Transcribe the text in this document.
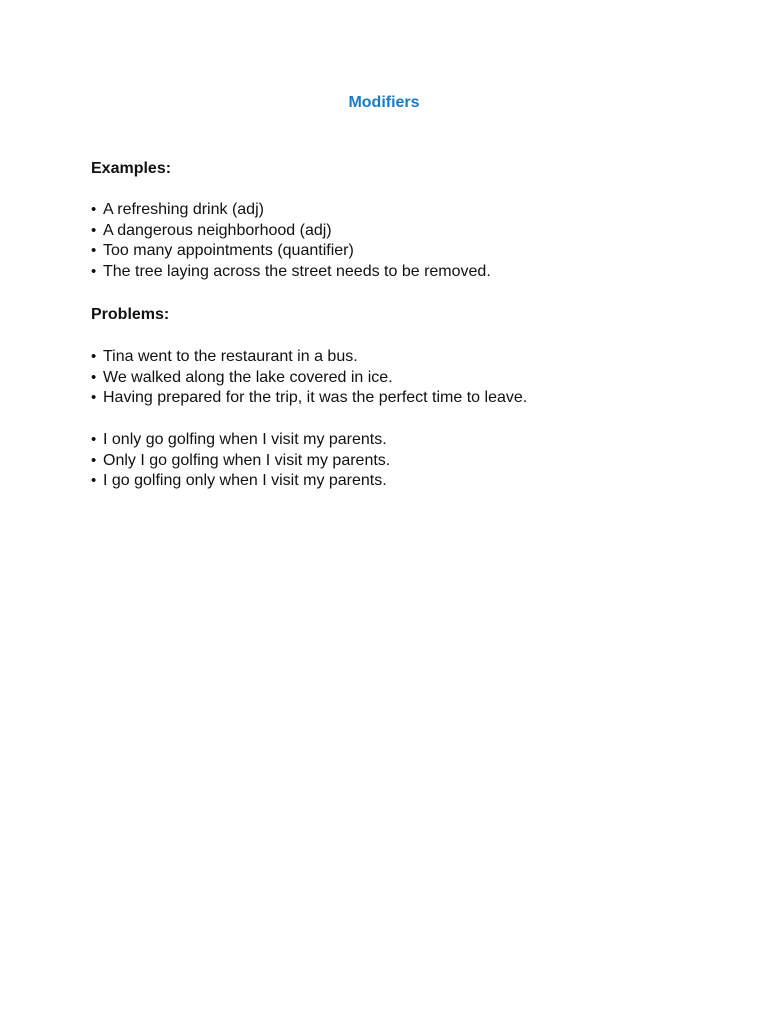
Modifiers
Examples:
• A refreshing drink (adj)
• A dangerous neighborhood (adj)
• Too many appointments (quantifier)
• The tree laying across the street needs to be removed.
Problems:
• Tina went to the restaurant in a bus.
• We walked along the lake covered in ice.
• Having prepared for the trip, it was the perfect time to leave.
• I only go golfing when I visit my parents.
• Only I go golfing when I visit my parents.
• I go golfing only when I visit my parents.
